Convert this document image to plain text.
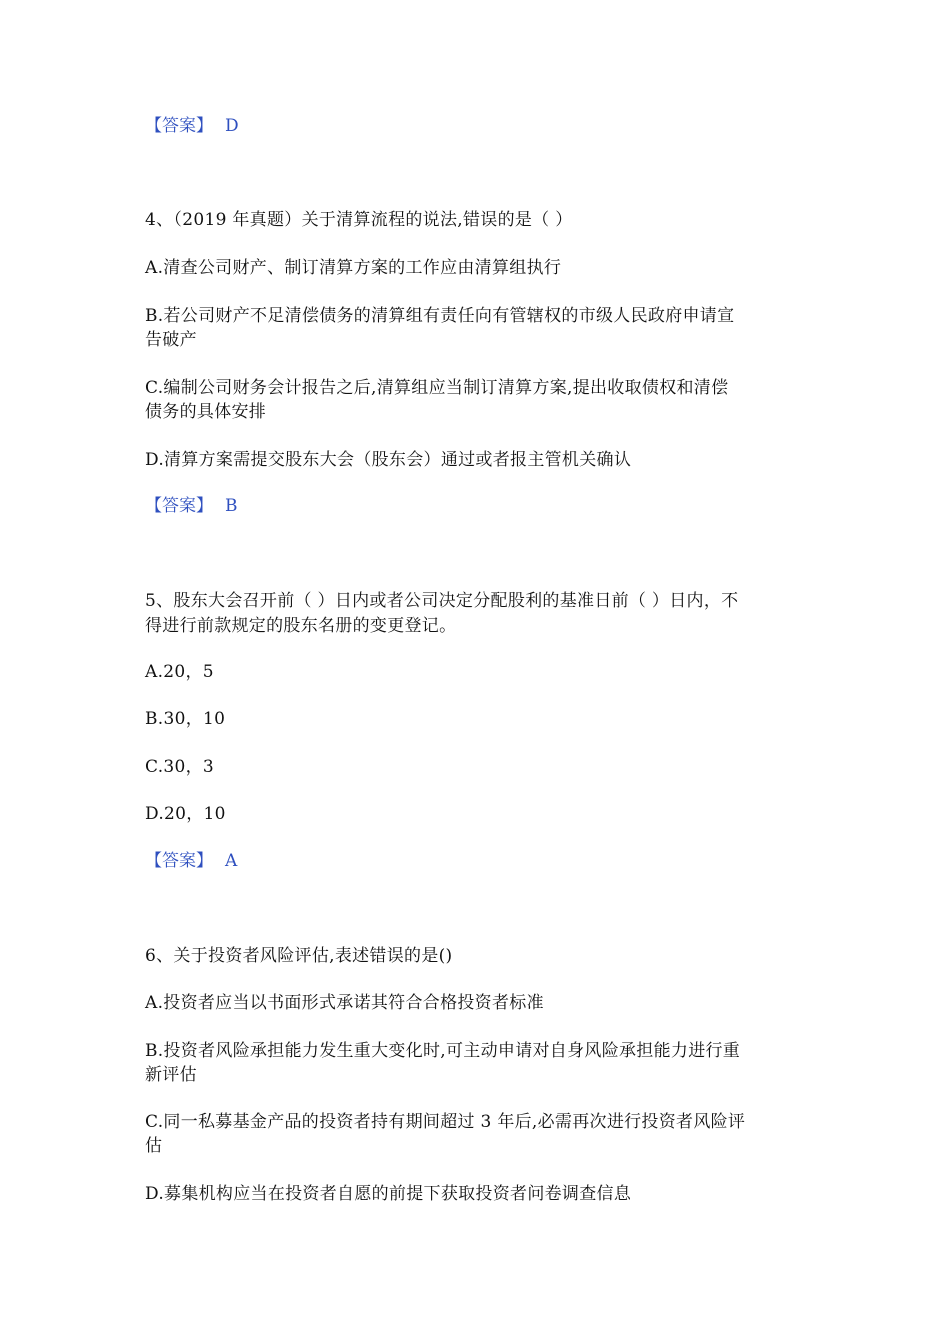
【答案】 D
4、（2019 年真题）关于清算流程的说法,错误的是（ ）
A.清查公司财产、制订清算方案的工作应由清算组执行
B.若公司财产不足清偿债务的清算组有责任向有管辖权的市级人民政府申请宣
告破产
C.编制公司财务会计报告之后,清算组应当制订清算方案,提出收取债权和清偿
债务的具体安排
D.清算方案需提交股东大会（股东会）通过或者报主管机关确认
【答案】 B
5、股东大会召开前（ ）日内或者公司决定分配股利的基准日前（ ）日内，不
得进行前款规定的股东名册的变更登记。
A.20，5
B.30，10
C.30，3
D.20，10
【答案】 A
6、关于投资者风险评估,表述错误的是()
A.投资者应当以书面形式承诺其符合合格投资者标准
B.投资者风险承担能力发生重大变化时,可主动申请对自身风险承担能力进行重
新评估
C.同一私募基金产品的投资者持有期间超过 3 年后,必需再次进行投资者风险评
估
D.募集机构应当在投资者自愿的前提下获取投资者问卷调查信息
